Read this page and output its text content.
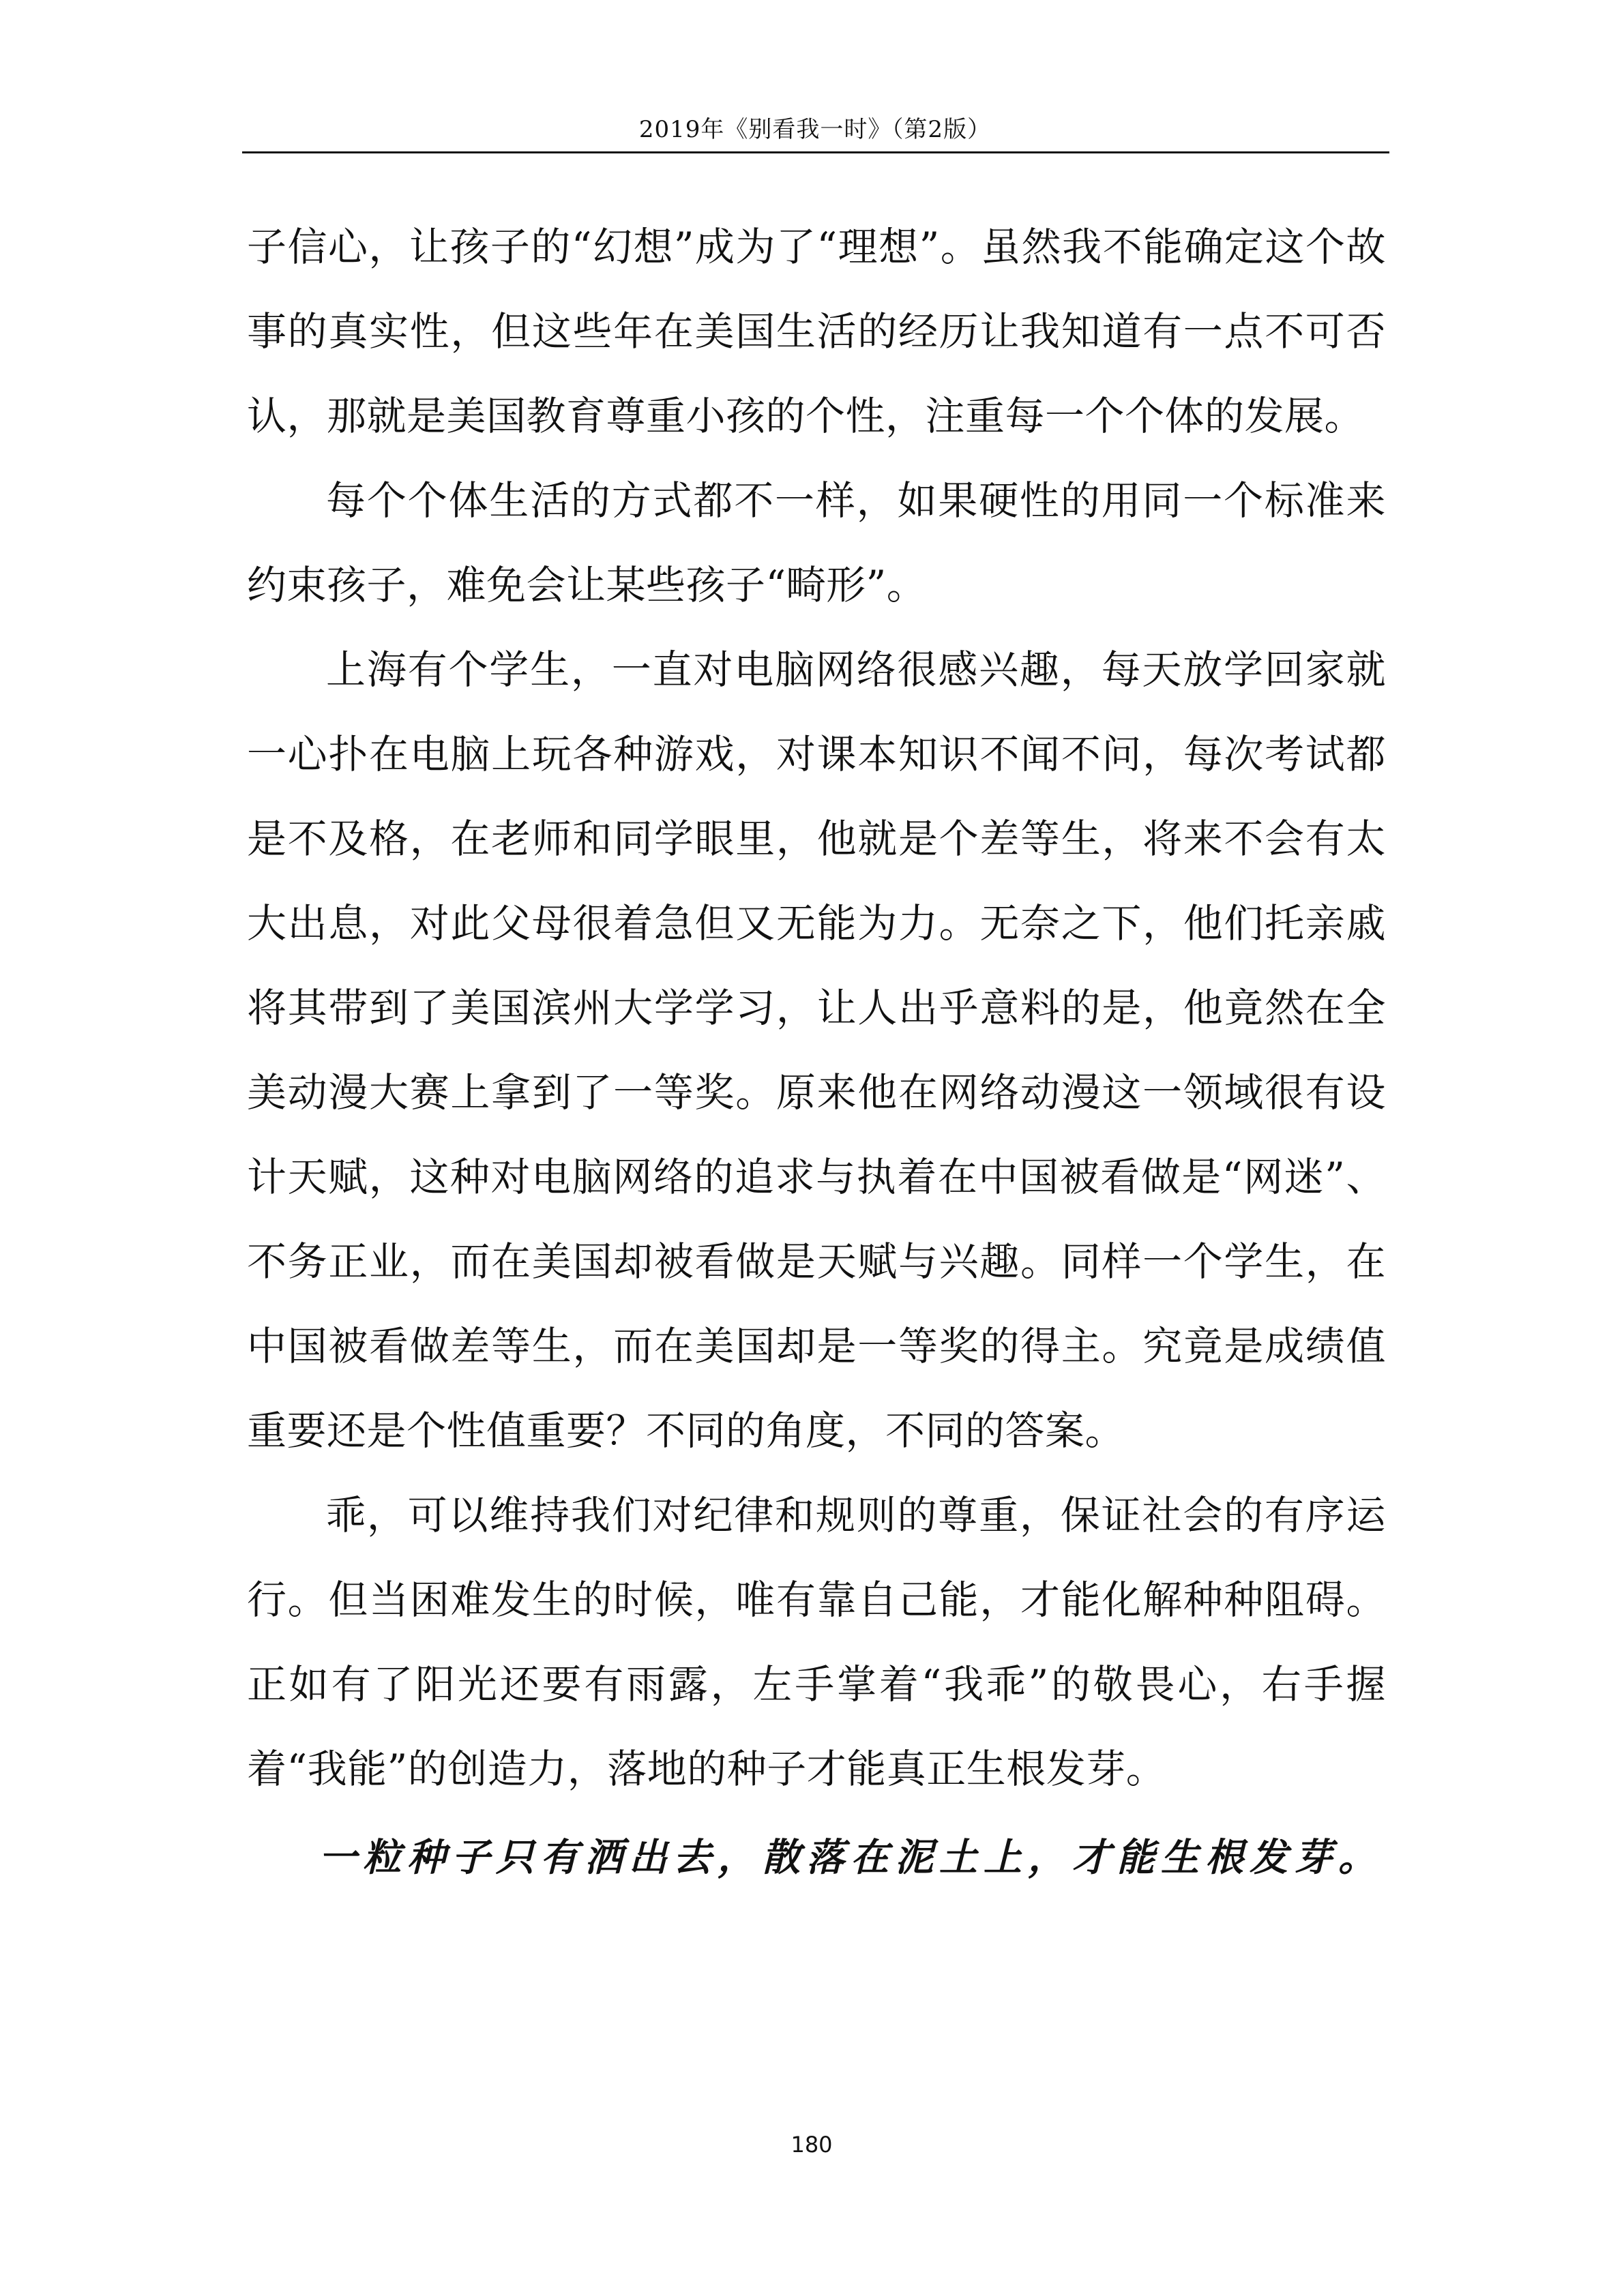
2019年《别看我一时》（第2版）

子信心，让孩子的“幻想”成为了“理想”。虽然我不能确定这个故事的真实性，但这些年在美国生活的经历让我知道有一点不可否认，那就是美国教育尊重小孩的个性，注重每一个个体的发展。

每个个体生活的方式都不一样，如果硬性的用同一个标准来约束孩子，难免会让某些孩子“畸形”。

上海有个学生，一直对电脑网络很感兴趣，每天放学回家就一心扑在电脑上玩各种游戏，对课本知识不闻不问，每次考试都是不及格，在老师和同学眼里，他就是个差等生，将来不会有太大出息，对此父母很着急但又无能为力。无奈之下，他们托亲戚将其带到了美国滨州大学学习，让人出乎意料的是，他竟然在全美动漫大赛上拿到了一等奖。原来他在网络动漫这一领域很有设计天赋，这种对电脑网络的追求与执着在中国被看做是“网迷”、不务正业，而在美国却被看做是天赋与兴趣。同样一个学生，在中国被看做差等生，而在美国却是一等奖的得主。究竟是成绩值重要还是个性值重要？不同的角度，不同的答案。

乖，可以维持我们对纪律和规则的尊重，保证社会的有序运行。但当困难发生的时候，唯有靠自己能，才能化解种种阻碍。正如有了阳光还要有雨露，左手掌着“我乖”的敬畏心，右手握着“我能”的创造力，落地的种子才能真正生根发芽。

一粒种子只有洒出去，散落在泥土上，才能生根发芽。
180
